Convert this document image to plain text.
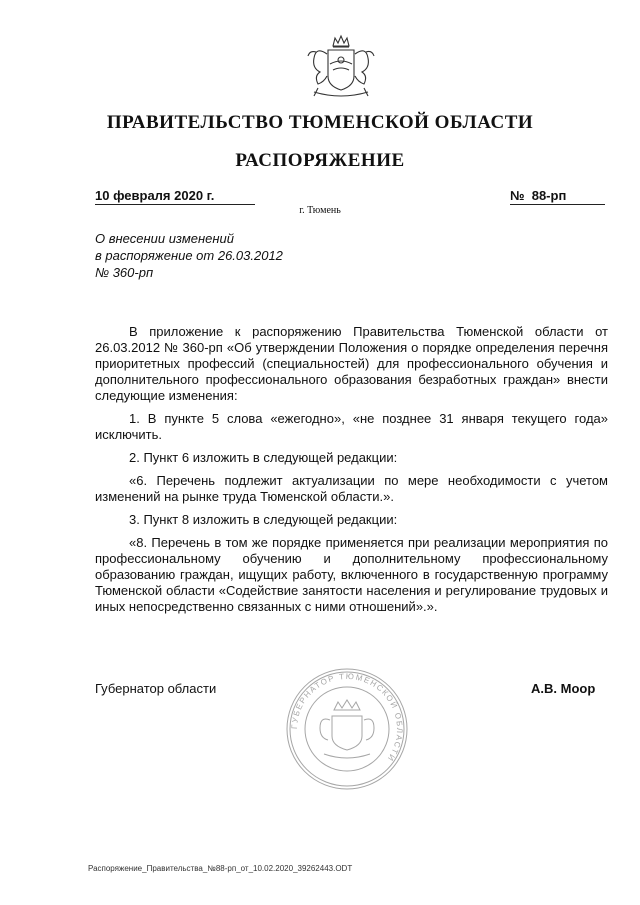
ПРАВИТЕЛЬСТВО ТЮМЕНСКОЙ ОБЛАСТИ
РАСПОРЯЖЕНИЕ
10 февраля 2020 г.	№  88-рп
г. Тюмень
О внесении изменений
в распоряжение от 26.03.2012
№ 360-рп

В приложение к распоряжению Правительства Тюменской области от 26.03.2012 № 360-рп «Об утверждении Положения о порядке определения перечня приоритетных профессий (специальностей) для профессионального обучения и дополнительного профессионального образования безработных граждан» внести следующие изменения:

1. В пункте 5 слова «ежегодно», «не позднее 31 января текущего года» исключить.

2. Пункт 6 изложить в следующей редакции:

«6. Перечень подлежит актуализации по мере необходимости с учетом изменений на рынке труда Тюменской области.».

3. Пункт 8 изложить в следующей редакции:

«8. Перечень в том же порядке применяется при реализации мероприятия по профессиональному обучению и дополнительному профессиональному образованию граждан, ищущих работу, включенного в государственную программу Тюменской области «Содействие занятости населения и регулирование трудовых и иных непосредственно связанных с ними отношений».».

ГУБЕРНАТОР ТЮМЕНСКОЙ ОБЛАСТИ
Губернатор области	А.В. Моор
Распоряжение_Правительства_№88-рп_от_10.02.2020_39262443.ODT
